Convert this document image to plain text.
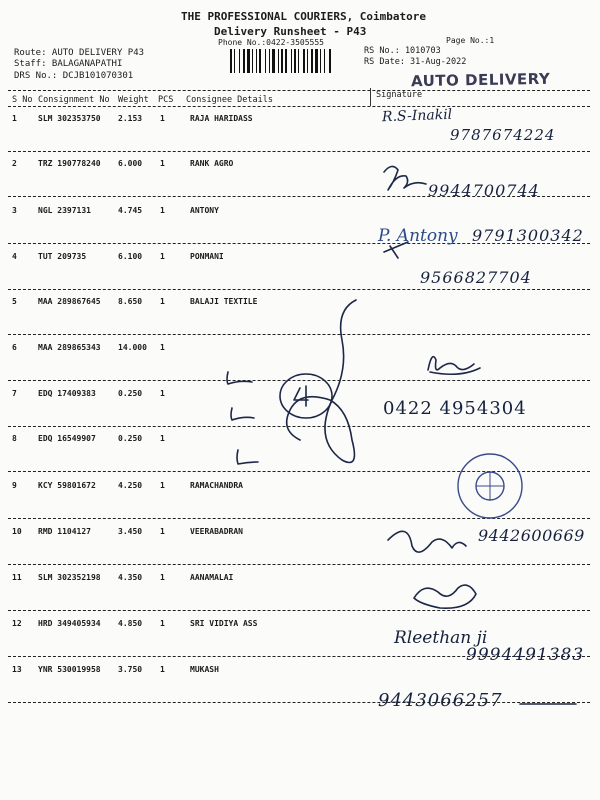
THE PROFESSIONAL COURIERS, Coimbatore
Delivery Runsheet - P43
Phone No.:0422-3505555	Page No.:1
Route: AUTO DELIVERY P43
Staff: BALAGANAPATHI
DRS No.: DCJB101070301
RS No.: 1010703
RS Date: 31-Aug-2022
AUTO DELIVERY
S No Consignment No Weight PCS Consignee Details	Signature
1	SLM 302353750 2.153 1	RAJA HARIDASS
2	TRZ 190778240 6.000 1	RANK AGRO
3	NGL 2397131	4.745 1	ANTONY
4	TUT 209735	6.100 1	PONMANI
5	MAA 289867645 8.650 1	BALAJI TEXTILE
6	MAA 289865343 14.000 1
7	EDQ 17409383	0.250 1
8	EDQ 16549907	0.250 1
9	KCY 59801672	4.250 1	RAMACHANDRA
10 RMD 1104127	3.450 1	VEERABADRAN
11 SLM 302352198 4.350 1	AANAMALAI
12 HRD 349405934 4.850 1	SRI VIDIYA ASS
13 YNR 530019958 3.750 1	MUKASH
R.S-Inakil
9787674224
9944700744
P. Antony 9791300342
9566827704
0422 4954304
9442600669
Rleethan ji
9994491383
9443066257
